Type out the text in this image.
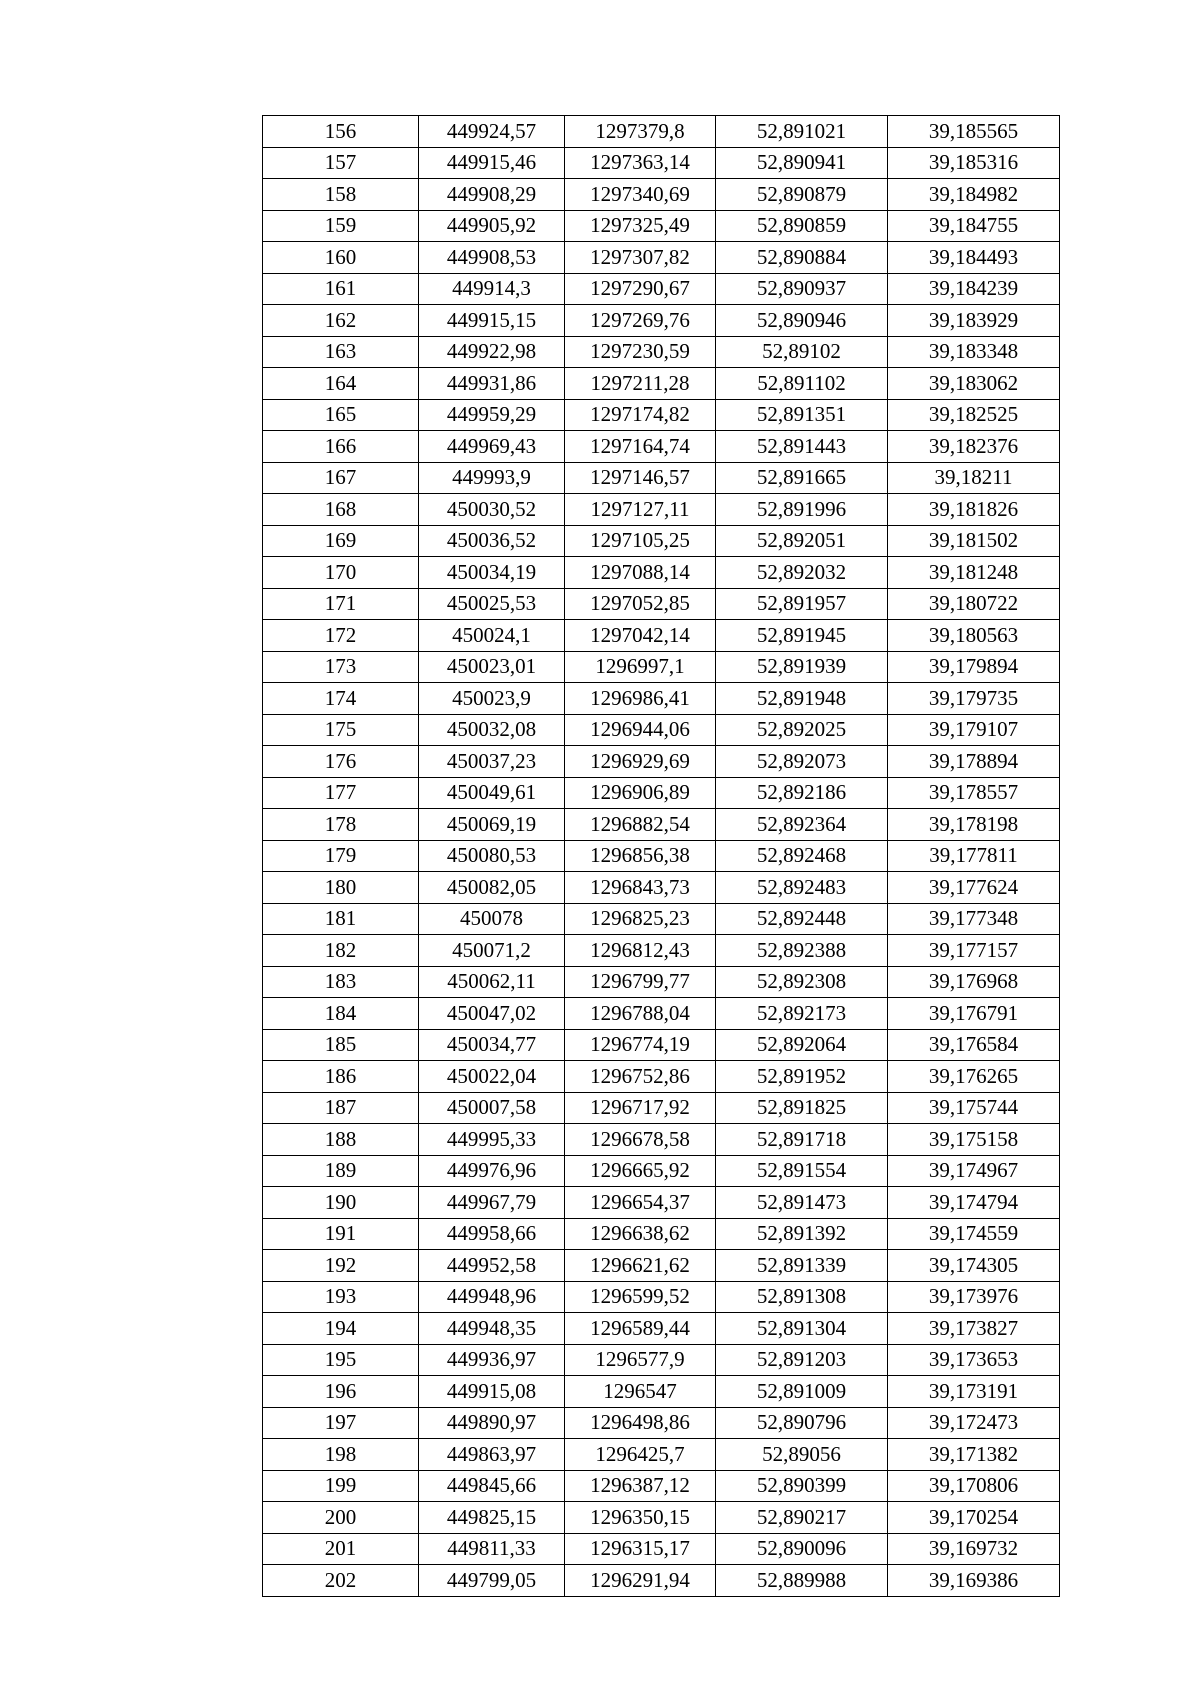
156	449924,57	1297379,8	52,891021	39,185565
157	449915,46	1297363,14	52,890941	39,185316
158	449908,29	1297340,69	52,890879	39,184982
159	449905,92	1297325,49	52,890859	39,184755
160	449908,53	1297307,82	52,890884	39,184493
161	449914,3	1297290,67	52,890937	39,184239
162	449915,15	1297269,76	52,890946	39,183929
163	449922,98	1297230,59	52,89102	39,183348
164	449931,86	1297211,28	52,891102	39,183062
165	449959,29	1297174,82	52,891351	39,182525
166	449969,43	1297164,74	52,891443	39,182376
167	449993,9	1297146,57	52,891665	39,18211
168	450030,52	1297127,11	52,891996	39,181826
169	450036,52	1297105,25	52,892051	39,181502
170	450034,19	1297088,14	52,892032	39,181248
171	450025,53	1297052,85	52,891957	39,180722
172	450024,1	1297042,14	52,891945	39,180563
173	450023,01	1296997,1	52,891939	39,179894
174	450023,9	1296986,41	52,891948	39,179735
175	450032,08	1296944,06	52,892025	39,179107
176	450037,23	1296929,69	52,892073	39,178894
177	450049,61	1296906,89	52,892186	39,178557
178	450069,19	1296882,54	52,892364	39,178198
179	450080,53	1296856,38	52,892468	39,177811
180	450082,05	1296843,73	52,892483	39,177624
181	450078	1296825,23	52,892448	39,177348
182	450071,2	1296812,43	52,892388	39,177157
183	450062,11	1296799,77	52,892308	39,176968
184	450047,02	1296788,04	52,892173	39,176791
185	450034,77	1296774,19	52,892064	39,176584
186	450022,04	1296752,86	52,891952	39,176265
187	450007,58	1296717,92	52,891825	39,175744
188	449995,33	1296678,58	52,891718	39,175158
189	449976,96	1296665,92	52,891554	39,174967
190	449967,79	1296654,37	52,891473	39,174794
191	449958,66	1296638,62	52,891392	39,174559
192	449952,58	1296621,62	52,891339	39,174305
193	449948,96	1296599,52	52,891308	39,173976
194	449948,35	1296589,44	52,891304	39,173827
195	449936,97	1296577,9	52,891203	39,173653
196	449915,08	1296547	52,891009	39,173191
197	449890,97	1296498,86	52,890796	39,172473
198	449863,97	1296425,7	52,89056	39,171382
199	449845,66	1296387,12	52,890399	39,170806
200	449825,15	1296350,15	52,890217	39,170254
201	449811,33	1296315,17	52,890096	39,169732
202	449799,05	1296291,94	52,889988	39,169386
